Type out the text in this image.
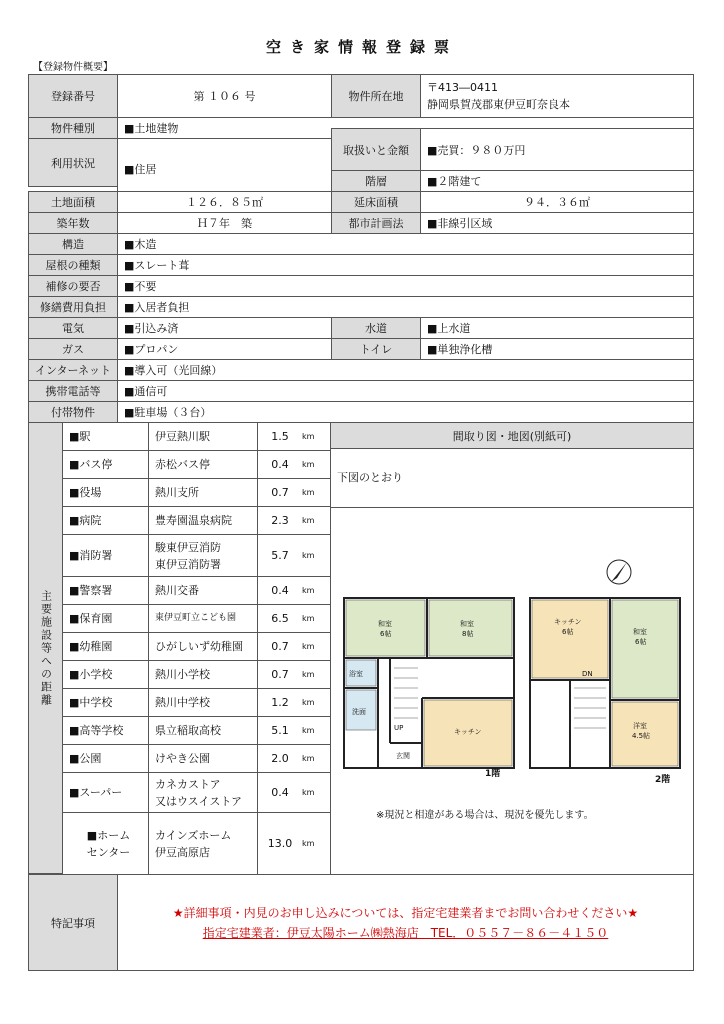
空き家情報登録票
【登録物件概要】
登録番号	第 １０６ 号	物件所在地
〒413―0411
静岡県賀茂郡東伊豆町奈良本
物件種別	■土地建物
利用状況	■住居
取扱いと金額	■売買：９８０万円
階層	■２階建て
土地面積	１２６．８５㎡	延床面積	９４．３６㎡
築年数	Ｈ７年　築	都市計画法	■非線引区域
構造	■木造
屋根の種類	■スレート葺
補修の要否	■不要
修繕費用負担	■入居者負担
電気	■引込み済	水道	■上水道
ガス	■プロパン	トイレ	■単独浄化槽
インターネット	■導入可（光回線）
携帯電話等	■通信可
付帯物件	■駐車場（３台）
主要施設等への距離
間取り図・地図(別紙可)
下図のとおり
特記事項
★詳細事項・内見のお申し込みについては、指定宅建業者までお問い合わせください★
指定宅建業者：伊豆太陽ホーム㈱熱海店　TEL．０５５７－８６－４１５０
■駅	伊豆熱川駅	1.5	km
■バス停	赤松バス停	0.4	km
■役場	熱川支所	0.7	km
■病院	豊寿園温泉病院	2.3	km
■消防署
駿東伊豆消防
東伊豆消防署
5.7	km
■警察署	熱川交番	0.4	km
■保育園	東伊豆町立こども園	6.5	km
■幼稚園	ひがしいず幼稚園	0.7	km
■小学校	熱川小学校	0.7	km
■中学校	熱川中学校	1.2	km
■高等学校	県立稲取高校	5.1	km
■公園	けやき公園	2.0	km
■スーパー
カネカストア
又はウスイストア
0.4	km
■ホーム
センター
カインズホーム
伊豆高原店
13.0	km
和室
6帖
和室
8帖
浴室
洗面
UP
玄関
キッチン
キッチン
6帖	和室
6帖
DN
洋室
4.5帖
1階
2階
※現況と相違がある場合は、現況を優先します。
